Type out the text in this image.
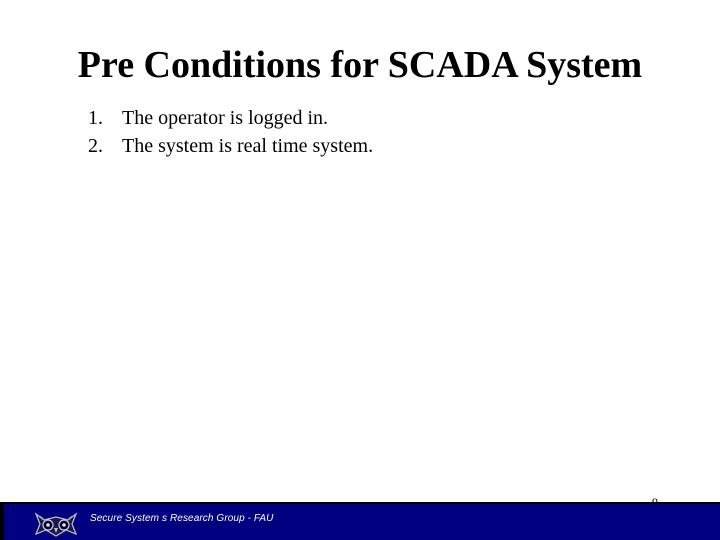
Pre Conditions for SCADA System
1. The operator is logged in.
2. The system is real time system.
Secure System s Research Group - FAU
